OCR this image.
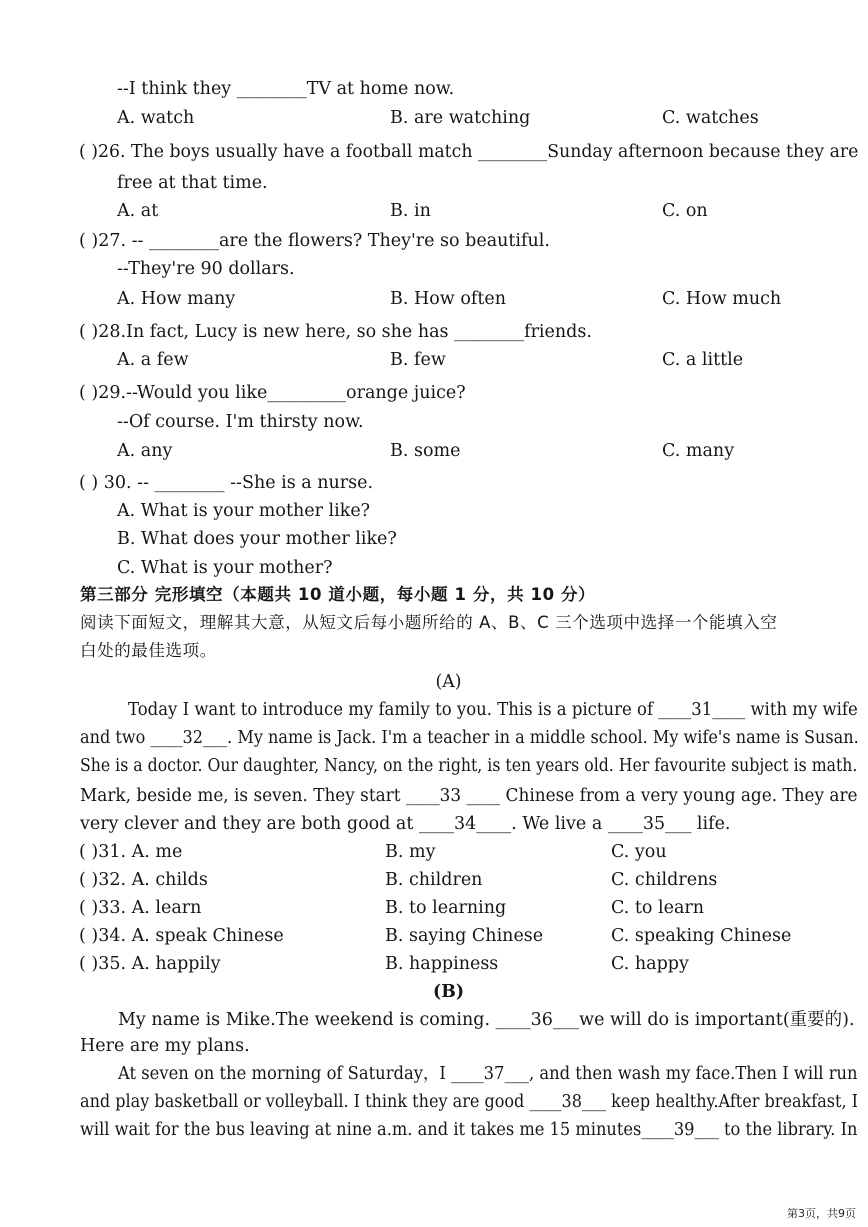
--I think they ________TV at home now.
A. watch	B. are watching	C. watches
( )26. The boys usually have a football match ________Sunday afternoon because they are
free at that time.
A. at	B. in	C. on
( )27. -- ________are the flowers? They're so beautiful.
--They're 90 dollars.
A. How many	B. How often	C. How much
( )28.In fact, Lucy is new here, so she has ________friends.
A. a few	B. few	C. a little
( )29.--Would you like_________orange juice?
--Of course. I'm thirsty now.
A. any	B. some	C. many
( ) 30. -- ________ --She is a nurse.
A. What is your mother like?
B. What does your mother like?
C. What is your mother?
第三部分 完形填空（本题共 10 道小题，每小题 1 分，共 10 分）
阅读下面短文，理解其大意，从短文后每小题所给的 A、B、C 三个选项中选择一个能填入空
白处的最佳选项。
(A)
Today I want to introduce my family to you. This is a picture of ____31____ with my wife
and two ____32___. My name is Jack. I'm a teacher in a middle school. My wife's name is Susan.
She is a doctor. Our daughter, Nancy, on the right, is ten years old. Her favourite subject is math.
Mark, beside me, is seven. They start ____33 ____ Chinese from a very young age. They are
very clever and they are both good at ____34____. We live a ____35___ life.
( )31. A. me	B. my	C. you
( )32. A. childs	B. children	C. childrens
( )33. A. learn	B. to learning	C. to learn
( )34. A. speak Chinese	B. saying Chinese	C. speaking Chinese
( )35. A. happily	B. happiness	C. happy
(B)
My name is Mike.The weekend is coming. ____36___we will do is important(重要的).
Here are my plans.
At seven on the morning of Saturday，I ____37___, and then wash my face.Then I will run
and play basketball or volleyball. I think they are good ____38___ keep healthy.After breakfast, I
will wait for the bus leaving at nine a.m. and it takes me 15 minutes____39___ to the library. In
第3页，共9页
